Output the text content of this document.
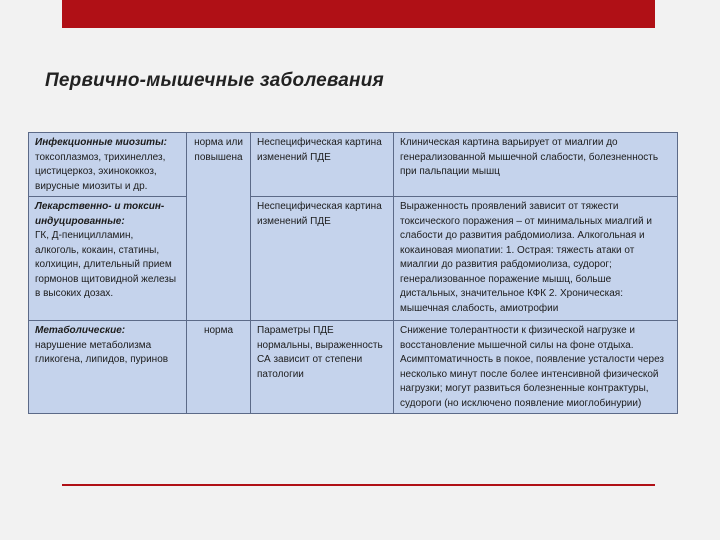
Первично-мышечные заболевания
Инфекционные миозиты:
токсоплазмоз, трихинеллез, цистицеркоз, эхинококкоз, вирусные миозиты и др.	норма или повышена	Неспецифическая картина изменений ПДЕ	Клиническая картина варьирует от миалгии до генерализованной мышечной слабости, болезненность при пальпации мышц
Лекарственно- и токсин-индуцированные:
ГК, Д-пеницилламин, алкоголь, кокаин, статины, колхицин, длительный прием гормонов щитовидной железы в высоких дозах.		Неспецифическая картина изменений ПДЕ	Выраженность проявлений зависит от тяжести токсического поражения – от минимальных миалгий и слабости до развития рабдомиолиза. Алкогольная и кокаиновая миопатии: 1. Острая: тяжесть атаки от миалгии до развития рабдомиолиза, судорог; генерализованное поражение мышц, больше дистальных, значительное КФК 2. Хроническая: мышечная слабость, амиотрофии
Метаболические:
нарушение метаболизма гликогена, липидов, пуринов	норма	Параметры ПДЕ нормальны, выраженность СА зависит от степени патологии	Снижение толерантности к физической нагрузке и восстановление мышечной силы на фоне отдыха. Асимптоматичность в покое, появление усталости через несколько минут после более интенсивной физической нагрузки; могут развиться болезненные контрактуры, судороги (но исключено появление миоглобинурии)
